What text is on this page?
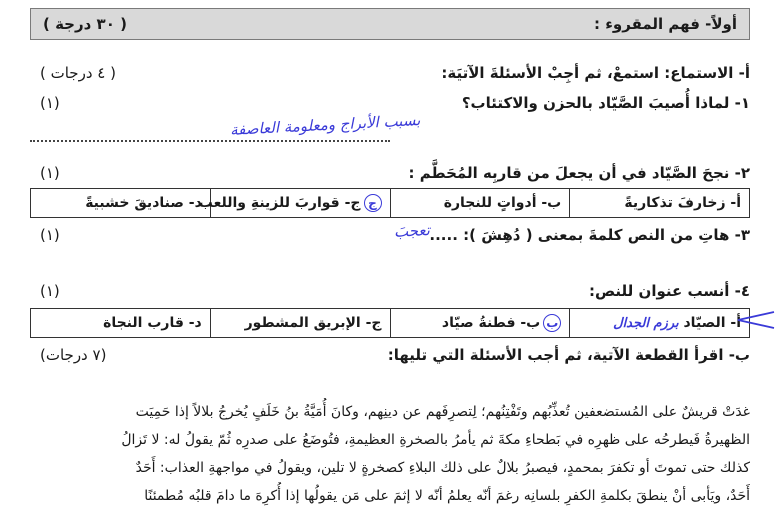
أولاً- فهم المقروء :
( ٣٠ درجة )
أ- الاستماع: استمعْ، ثم أجِبْ الأسئلةَ الآتيَة:
( ٤ درجات )
١- لماذا أُصيبَ الصَّيّاد بالحزن والاكتئاب؟
(١)
بسبب الأبراج ومعلومة العاصفة
٢- نجحَ الصَّيّاد في أن يجعلَ من قاربِه المُحَطَّم :
(١)
أ- زخارفَ تذكاريةً	ب- أدواتٍ للنجارة	جج- قواربَ للزينةِ واللعب	د- صناديقَ خشبيةً
٣- هاتِ من النص كلمةَ بمعنى ( دُهِشَ ): .....
(١)	تعجبَ
٤- أنسب عنوان للنص:
(١)
أ- الصيّاد برزم الجدال	بب- فطنةُ صيّاد	ج- الإبريق المشطور	د- قارب النجاة
ب- اقرأ القطعة الآتية، ثم أجب الأسئلة التي تليها:
(٧ درجات)
غدَتْ قريشٌ على المُستضعفين تُعذِّبُهم وتَفْتِنُهم؛ لِتصرِفَهم عن دينِهم، وكانَ أُمَيَّةُ بنُ خَلَفٍ يُخرجُ بلالاً إذا حَمِيَت
الظهيرةُ فَيطرحُه على ظهرِه في بَطحاءِ مكةَ ثم يأمرُ بالصخرةِ العظيمةِ، فتُوضَعُ على صدرِه ثُمّ يقولُ له: لا تَزالُ
كذلك حتى تموتَ أو تكفرَ بمحمدٍ، فيصبرُ بلالٌ على ذلك البلاءِ كصخرةٍ لا تلين، ويقولُ في مواجهةِ العذاب: أَحَدٌ
أَحَدٌ، ويَأبى أنْ ينطقَ بكلمةِ الكفرِ بلسانِه رغمَ أنّه يعلمُ أنّه لا إثمَ على مَن يقولُها إذا أُكرِهَ ما دامَ قلبُه مُطمئنًا
